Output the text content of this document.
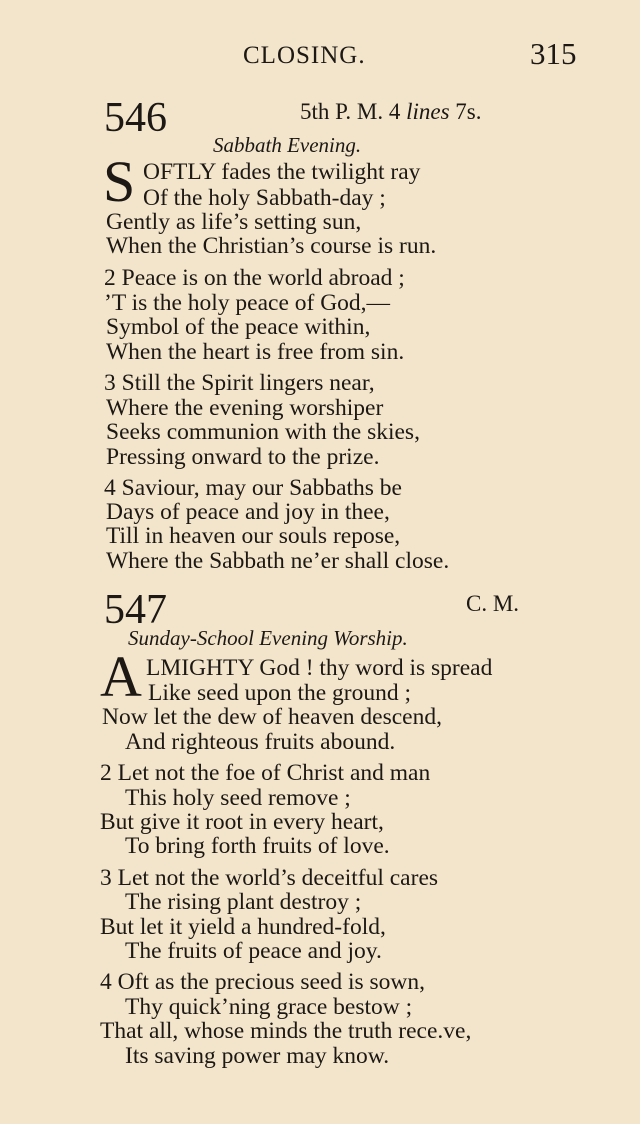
CLOSING.	315
546	5th P. M. 4 lines 7s.
Sabbath Evening.
S OFTLY fades the twilight ray
Of the holy Sabbath-day ;
Gently as life’s setting sun,
When the Christian’s course is run.
2 Peace is on the world abroad ;
’T is the holy peace of God,—
Symbol of the peace within,
When the heart is free from sin.
3 Still the Spirit lingers near,
Where the evening worshiper
Seeks communion with the skies,
Pressing onward to the prize.
4 Saviour, may our Sabbaths be
Days of peace and joy in thee,
Till in heaven our souls repose,
Where the Sabbath ne’er shall close.
547	C. M.
Sunday-School Evening Worship.
A LMIGHTY God ! thy word is spread
Like seed upon the ground ;
Now let the dew of heaven descend,
And righteous fruits abound.
2 Let not the foe of Christ and man
This holy seed remove ;
But give it root in every heart,
To bring forth fruits of love.
3 Let not the world’s deceitful cares
The rising plant destroy ;
But let it yield a hundred-fold,
The fruits of peace and joy.
4 Oft as the precious seed is sown,
Thy quick’ning grace bestow ;
That all, whose minds the truth rece.ve,
Its saving power may know.
